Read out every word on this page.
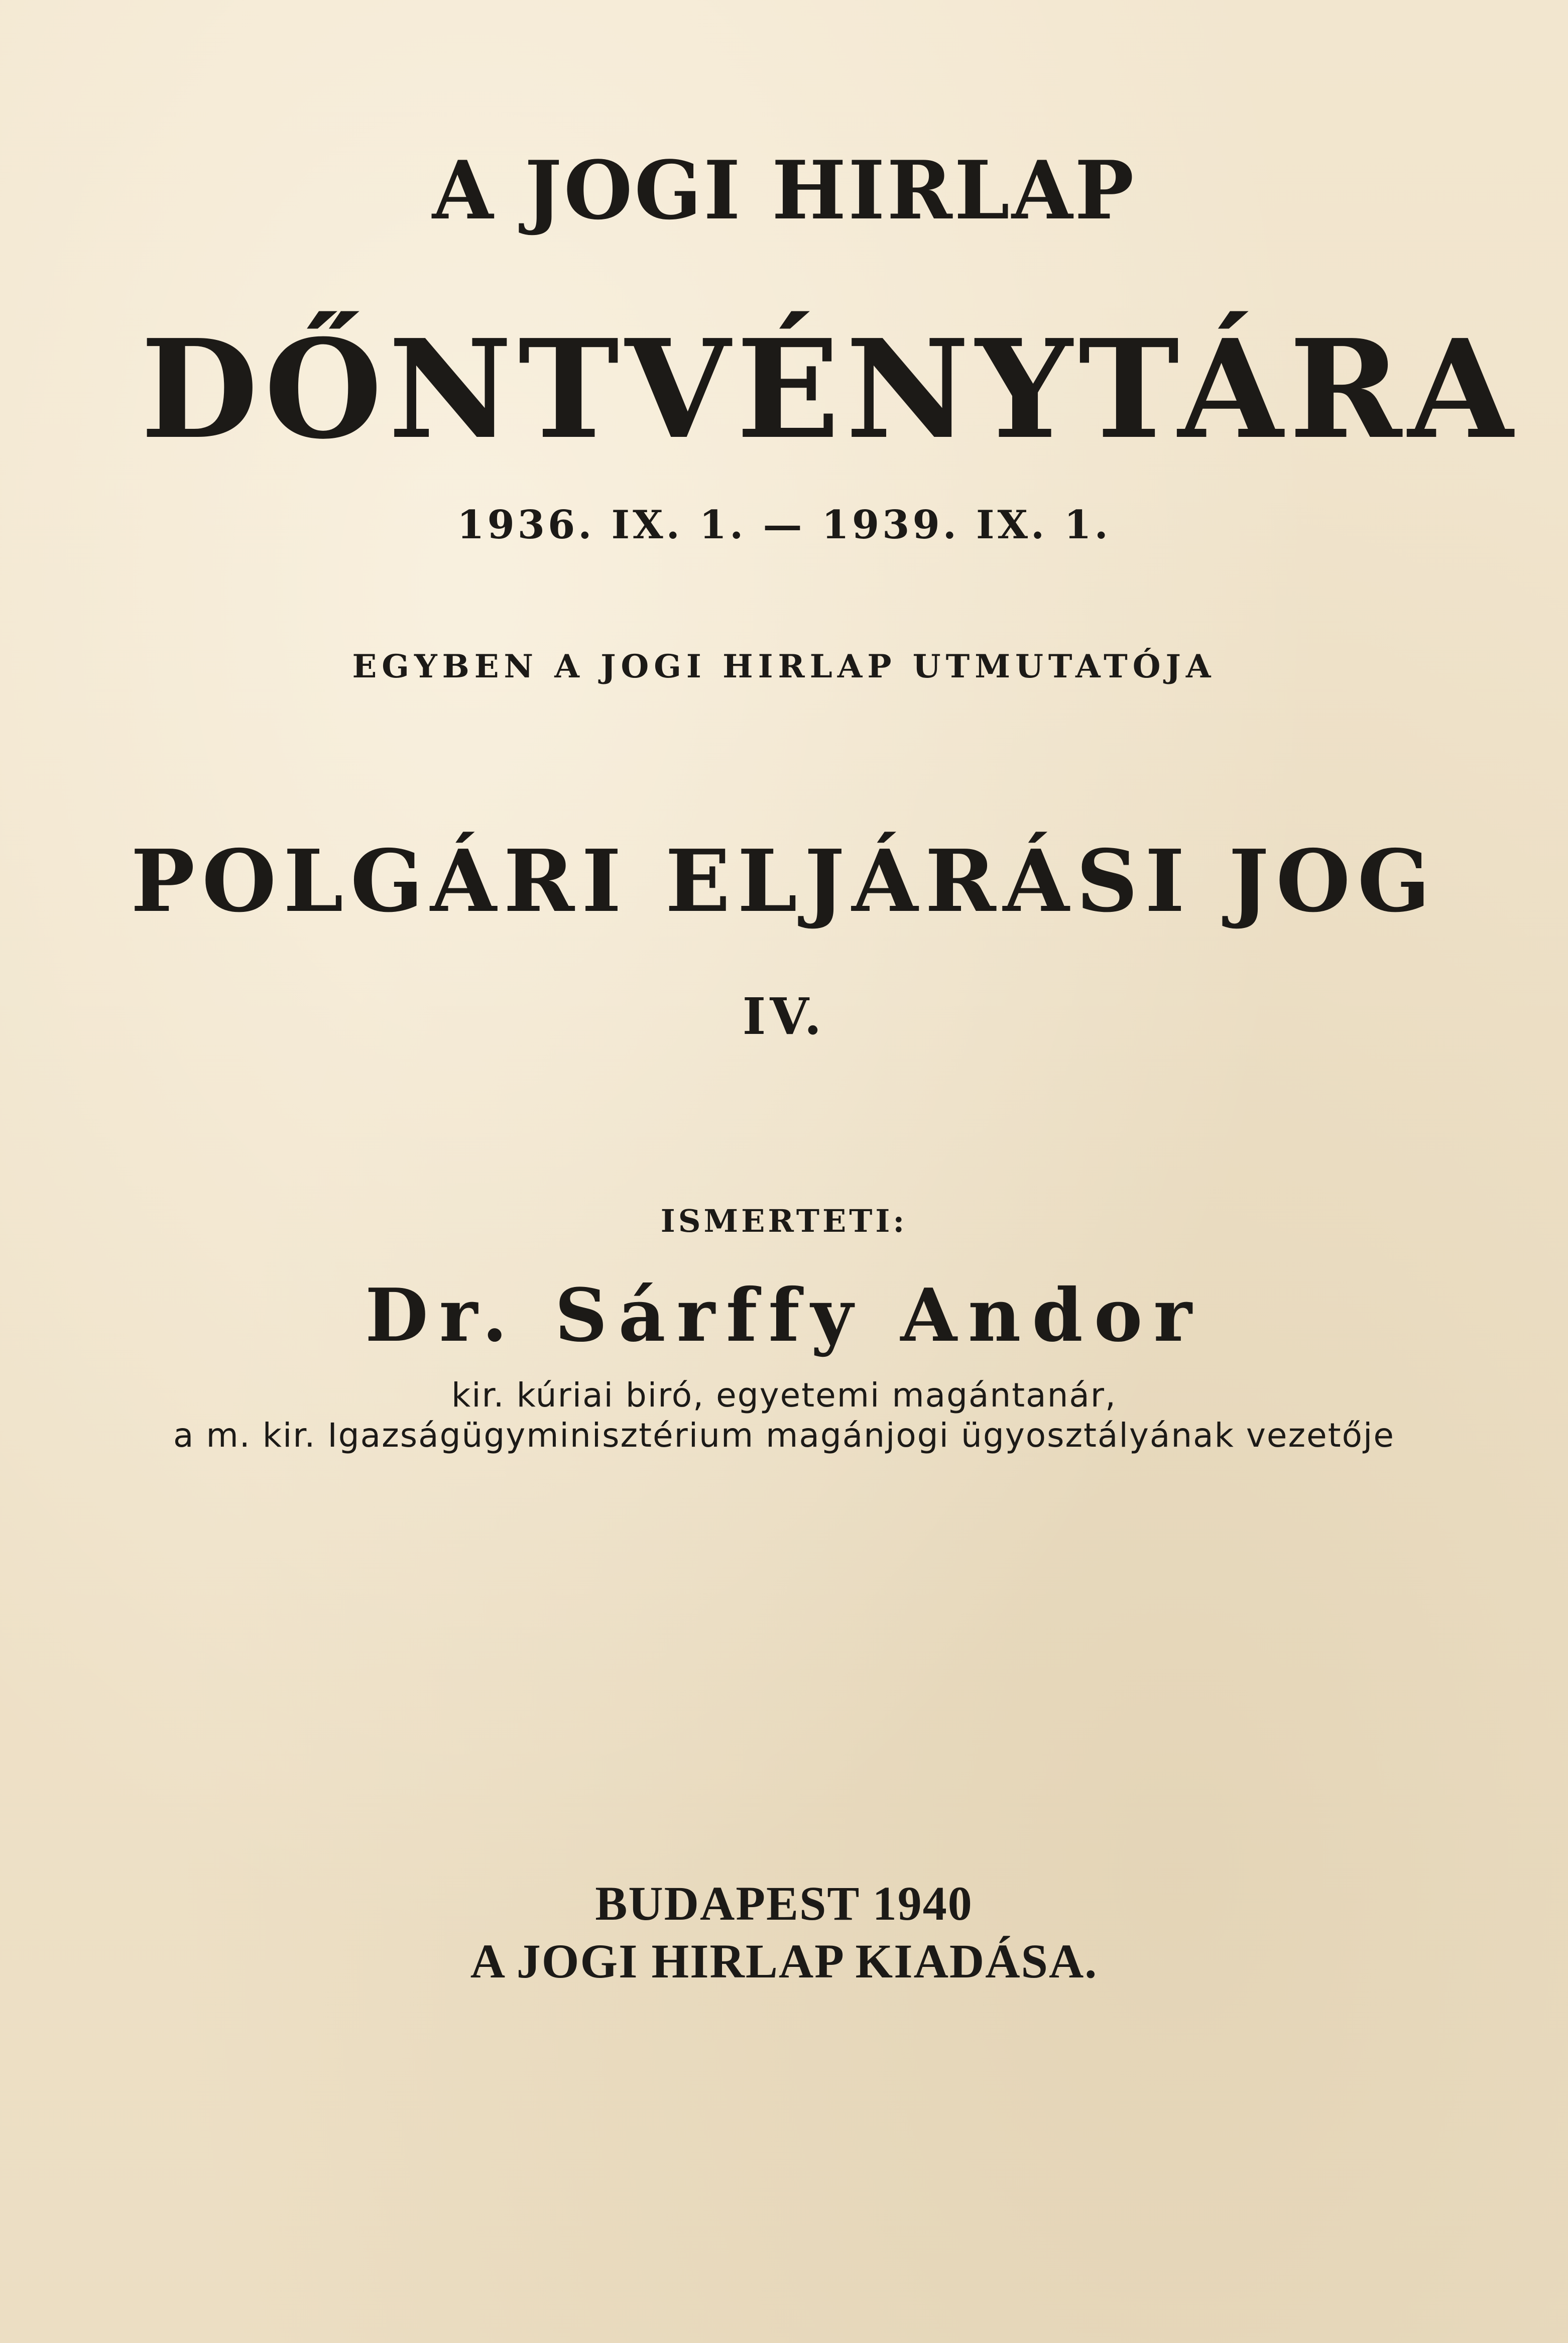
A JOGI HIRLAP
DŐNTVÉNYTÁRA
1936. IX. 1. — 1939. IX. 1.
EGYBEN A JOGI HIRLAP UTMUTATÓJA
POLGÁRI ELJÁRÁSI JOG
IV.
ISMERTETI:
Dr. Sárffy Andor
kir. kúriai biró, egyetemi magántanár,
a m. kir. Igazságügyminisztérium magánjogi ügyosztályának vezetője
BUDAPEST 1940
A JOGI HIRLAP KIADÁSA.
